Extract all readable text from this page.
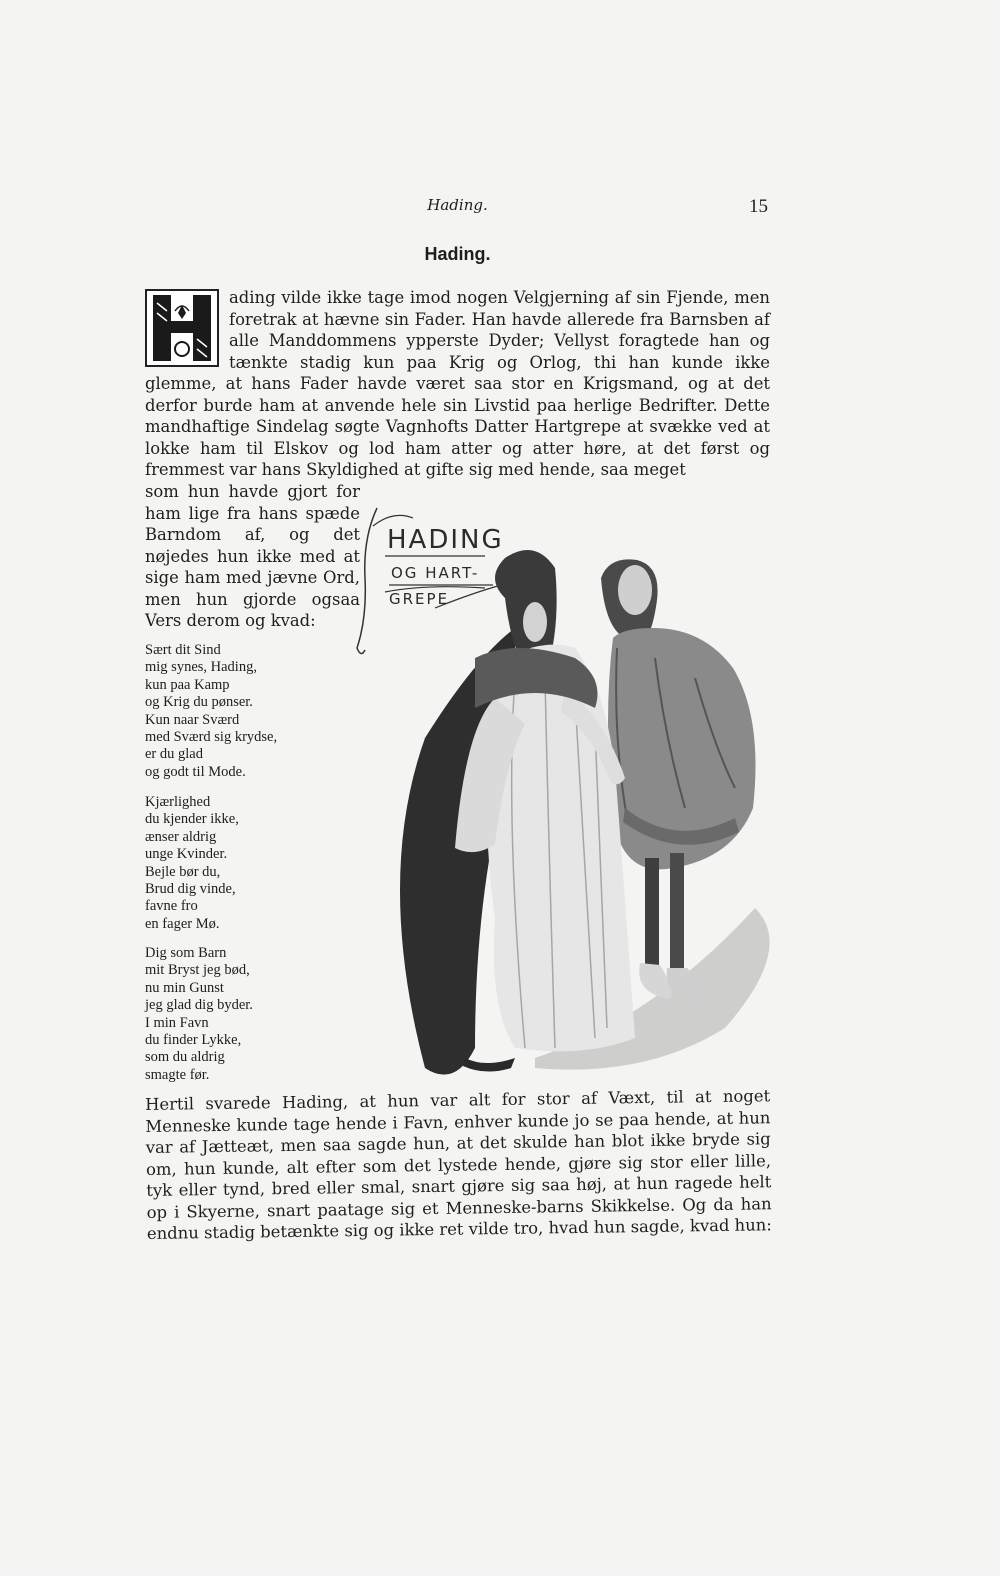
Hading.	15
Hading.
ading vilde ikke tage imod nogen Velgjerning af sin Fjende, men foretrak at hævne sin Fader. Han havde allerede fra Barnsben af alle Manddommens ypperste Dyder; Vellyst foragtede han og tænkte stadig kun paa Krig og Orlog, thi han kunde ikke glemme, at hans Fader havde været saa stor en Krigsmand, og at det derfor burde ham at anvende hele sin Livstid paa herlige Bedrifter. Dette mandhaftige Sindelag søgte Vagnhofts Datter Hartgrepe at svække ved at lokke ham til Elskov og lod ham atter og atter høre, at det først og fremmest var hans Skyldighed at gifte sig med hende, saa meget
som hun havde gjort for ham lige fra hans spæde Barndom af, og det nøjedes hun ikke med at sige ham med jævne Ord, men hun gjorde ogsaa Vers derom og kvad:
Sært dit Sind
mig synes, Hading,
kun paa Kamp
og Krig du pønser.
Kun naar Sværd
med Sværd sig krydse,
er du glad
og godt til Mode.
Kjærlighed
du kjender ikke,
ænser aldrig
unge Kvinder.
Bejle bør du,
Brud dig vinde,
favne fro
en fager Mø.
Dig som Barn
mit Bryst jeg bød,
nu min Gunst
jeg glad dig byder.
I min Favn
du finder Lykke,
som du aldrig
smagte før.
HADING
OG HART-
GREPE
Hertil svarede Hading, at hun var alt for stor af Væxt, til at noget Menneske kunde tage hende i Favn, enhver kunde jo se paa hende, at hun var af Jætteæt, men saa sagde hun, at det skulde han blot ikke bryde sig om, hun kunde, alt efter som det lystede hende, gjøre sig stor eller lille, tyk eller tynd, bred eller smal, snart gjøre sig saa høj, at hun ragede helt op i Skyerne, snart paatage sig et Menneske-barns Skikkelse. Og da han endnu stadig betænkte sig og ikke ret vilde tro, hvad hun sagde, kvad hun:
